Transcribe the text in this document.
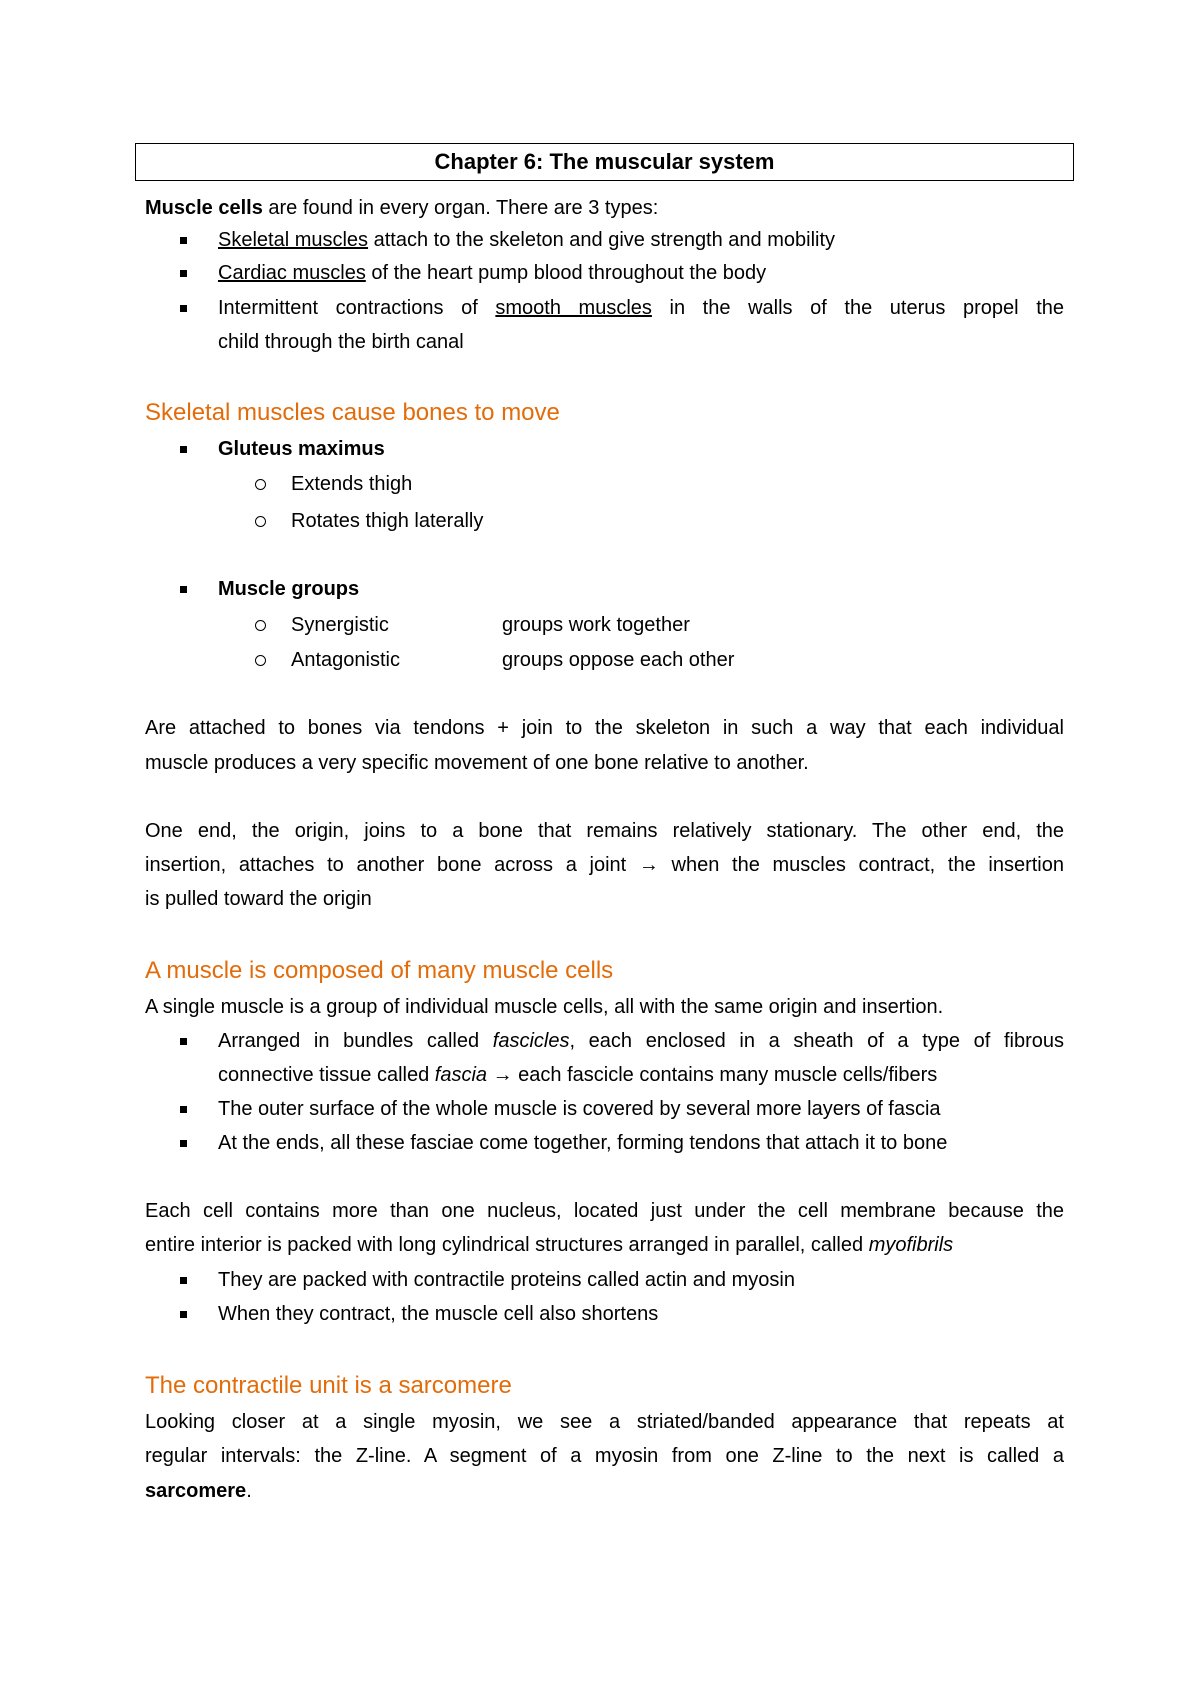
Chapter 6: The muscular system
Muscle cells are found in every organ. There are 3 types:
Skeletal muscles attach to the skeleton and give strength and mobility
Cardiac muscles of the heart pump blood throughout the body
Intermittent contractions of smooth muscles in the walls of the uterus propel the
child through the birth canal
Skeletal muscles cause bones to move
Gluteus maximus
Extends thigh
Rotates thigh laterally
Muscle groups
Synergistic	groups work together
Antagonistic	groups oppose each other
Are attached to bones via tendons + join to the skeleton in such a way that each individual
muscle produces a very specific movement of one bone relative to another.
One end, the origin, joins to a bone that remains relatively stationary. The other end, the
insertion, attaches to another bone across a joint → when the muscles contract, the insertion
is pulled toward the origin
A muscle is composed of many muscle cells
A single muscle is a group of individual muscle cells, all with the same origin and insertion.
Arranged in bundles called fascicles, each enclosed in a sheath of a type of fibrous
connective tissue called fascia → each fascicle contains many muscle cells/fibers
The outer surface of the whole muscle is covered by several more layers of fascia
At the ends, all these fasciae come together, forming tendons that attach it to bone
Each cell contains more than one nucleus, located just under the cell membrane because the
entire interior is packed with long cylindrical structures arranged in parallel, called myofibrils
They are packed with contractile proteins called actin and myosin
When they contract, the muscle cell also shortens
The contractile unit is a sarcomere
Looking closer at a single myosin, we see a striated/banded appearance that repeats at
regular intervals: the Z-line. A segment of a myosin from one Z-line to the next is called a
sarcomere.
